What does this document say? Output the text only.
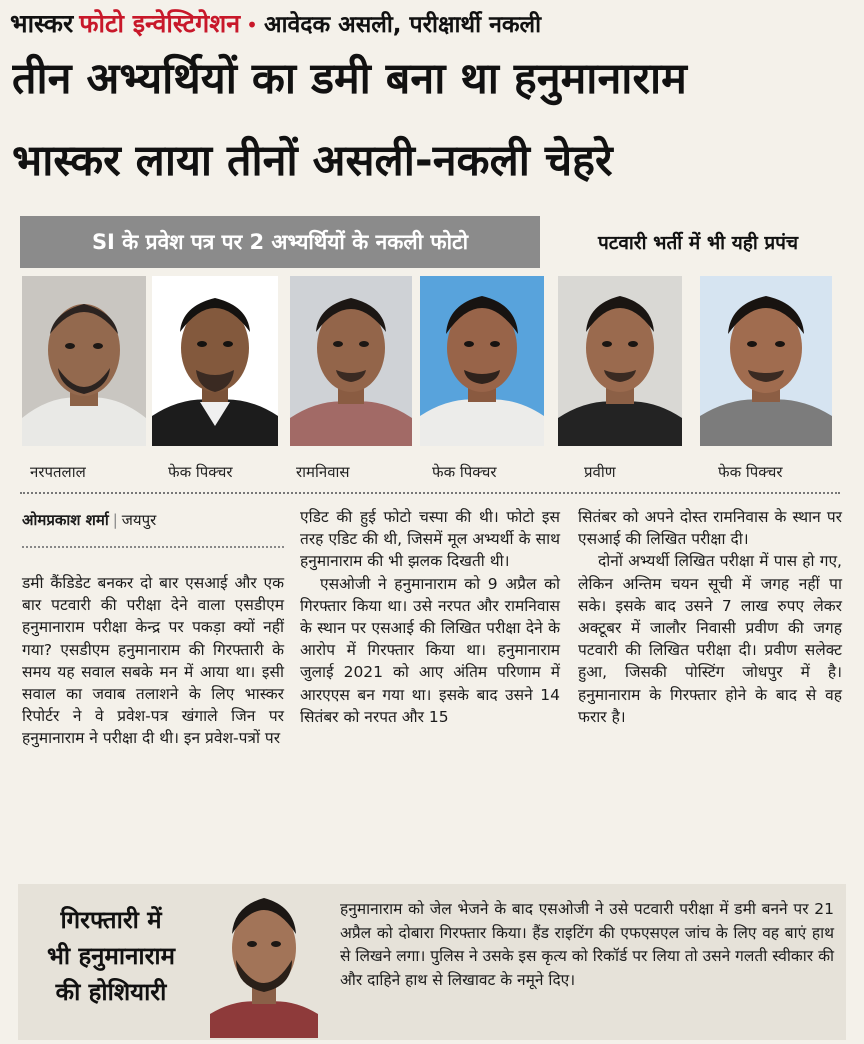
भास्कर फोटो इन्वेस्टिगेशन • आवेदक असली, परीक्षार्थी नकली
तीन अभ्यर्थियों का डमी बना था हनुमानाराम
भास्कर लाया तीनों असली-नकली चेहरे
SI के प्रवेश पत्र पर 2 अभ्यर्थियों के नकली फोटो	पटवारी भर्ती में भी यही प्रपंच
नरपतलाल	फेक पिक्चर	रामनिवास	फेक पिक्चर	प्रवीण	फेक पिक्चर
ओमप्रकाश शर्मा | जयपुर

डमी कैंडिडेट बनकर दो बार एसआई और एक बार पटवारी की परीक्षा देने वाला एसडीएम हनुमानाराम परीक्षा केन्द्र पर पकड़ा क्यों नहीं गया? एसडीएम हनुमानाराम की गिरफ्तारी के समय यह सवाल सबके मन में आया था। इसी सवाल का जवाब तलाशने के लिए भास्कर रिपोर्टर ने वे प्रवेश-पत्र खंगाले जिन पर हनुमानाराम ने परीक्षा दी थी। इन प्रवेश-पत्रों पर

एडिट की हुई फोटो चस्पा की थी। फोटो इस तरह एडिट की थी, जिसमें मूल अभ्यर्थी के साथ हनुमानाराम की भी झलक दिखती थी।

एसओजी ने हनुमानाराम को 9 अप्रैल को गिरफ्तार किया था। उसे नरपत और रामनिवास के स्थान पर एसआई की लिखित परीक्षा देने के आरोप में गिरफ्तार किया था। हनुमानाराम जुलाई 2021 को आए अंतिम परिणाम में आरएएस बन गया था। इसके बाद उसने 14 सितंबर को नरपत और 15

सितंबर को अपने दोस्त रामनिवास के स्थान पर एसआई की लिखित परीक्षा दी।

दोनों अभ्यर्थी लिखित परीक्षा में पास हो गए, लेकिन अन्तिम चयन सूची में जगह नहीं पा सके। इसके बाद उसने 7 लाख रुपए लेकर अक्टूबर में जालौर निवासी प्रवीण की जगह पटवारी की लिखित परीक्षा दी। प्रवीण सलेक्ट हुआ, जिसकी पोस्टिंग जोधपुर में है। हनुमानाराम के गिरफ्तार होने के बाद से वह फरार है।

गिरफ्तारी में
भी हनुमानाराम
की होशियारी
हनुमानाराम को जेल भेजने के बाद एसओजी ने उसे पटवारी परीक्षा में डमी बनने पर 21 अप्रैल को दोबारा गिरफ्तार किया। हैंड राइटिंग की एफएसएल जांच के लिए वह बाएं हाथ से लिखने लगा। पुलिस ने उसके इस कृत्य को रिकॉर्ड पर लिया तो उसने गलती स्वीकार की और दाहिने हाथ से लिखावट के नमूने दिए।
